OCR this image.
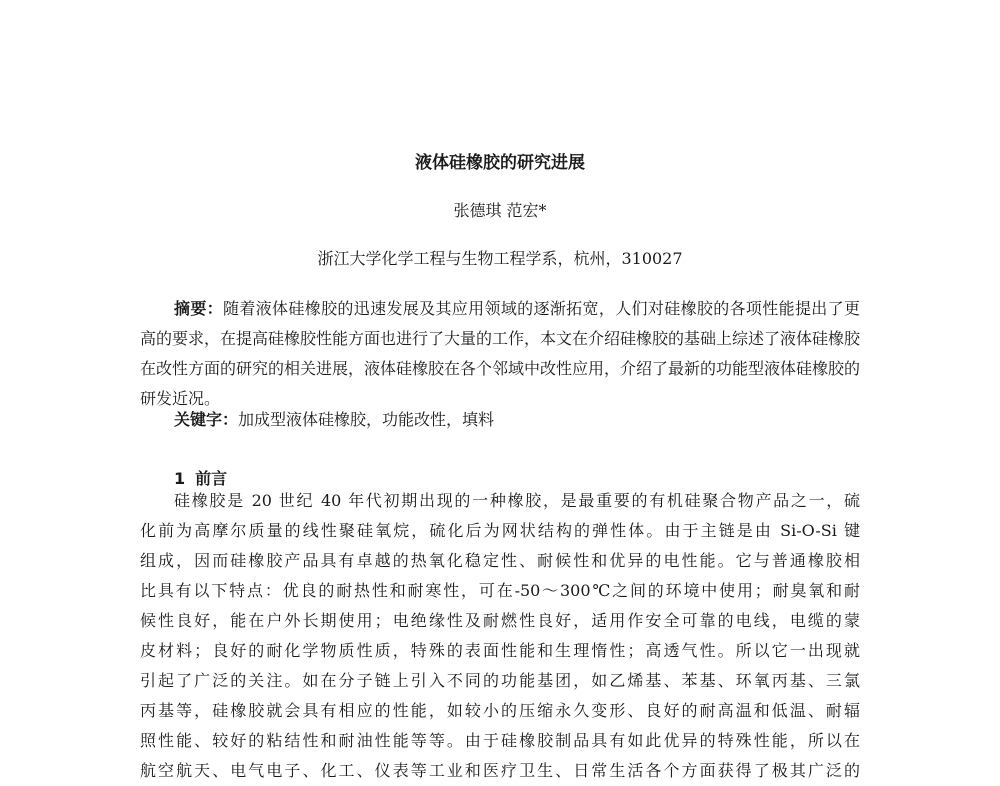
液体硅橡胶的研究进展
张德琪 范宏*
浙江大学化学工程与生物工程学系，杭州，310027
摘要：随着液体硅橡胶的迅速发展及其应用领域的逐渐拓宽，人们对硅橡胶的各项性能提出了更高的要求，在提高硅橡胶性能方面也进行了大量的工作，本文在介绍硅橡胶的基础上综述了液体硅橡胶在改性方面的研究的相关进展，液体硅橡胶在各个邻域中改性应用，介绍了最新的功能型液体硅橡胶的研发近况。
关键字：加成型液体硅橡胶，功能改性，填料
1 前言
硅橡胶是 20 世纪 40 年代初期出现的一种橡胶，是最重要的有机硅聚合物产品之一，硫
化前为高摩尔质量的线性聚硅氧烷，硫化后为网状结构的弹性体。由于主链是由 Si-O-Si 键
组成，因而硅橡胶产品具有卓越的热氧化稳定性、耐候性和优异的电性能。它与普通橡胶相
比具有以下特点：优良的耐热性和耐寒性，可在-50～300℃之间的环境中使用；耐臭氧和耐
候性良好，能在户外长期使用；电绝缘性及耐燃性良好，适用作安全可靠的电线，电缆的蒙
皮材料；良好的耐化学物质性质，特殊的表面性能和生理惰性；高透气性。所以它一出现就
引起了广泛的关注。如在分子链上引入不同的功能基团，如乙烯基、苯基、环氧丙基、三氯
丙基等，硅橡胶就会具有相应的性能，如较小的压缩永久变形、良好的耐高温和低温、耐辐
照性能、较好的粘结性和耐油性能等等。由于硅橡胶制品具有如此优异的特殊性能，所以在
航空航天、电气电子、化工、仪表等工业和医疗卫生、日常生活各个方面获得了极其广泛的
